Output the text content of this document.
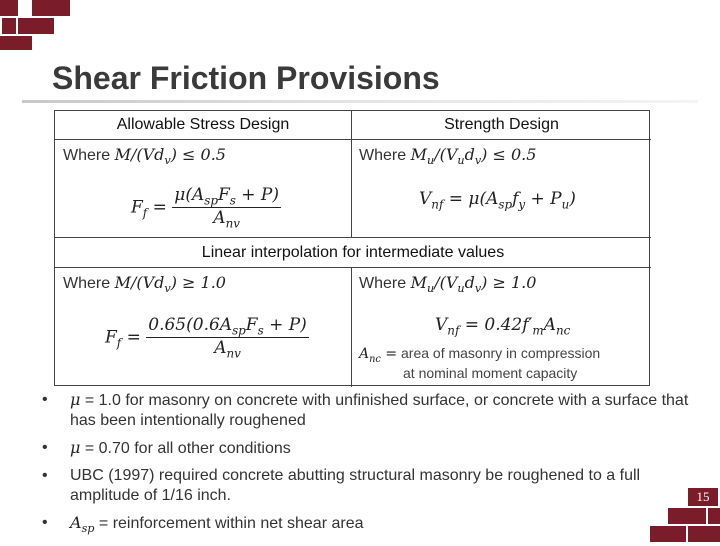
Shear Friction Provisions
Allowable Stress Design	Strength Design
Where $M/(Vd_v) \le 0.5$
$F_f = \frac{\mu(A_{sp}F_s + P)}{A_{nv}}$
Where $M_u/(V_ud_v) \le 0.5$
$V_{nf} = \mu(A_{sp}f_y + P_u)$
Linear interpolation for intermediate values
Where $M/(Vd_v) \ge 1.0$
$F_f = \frac{0.65(0.6A_{sp}F_s + P)}{A_{nv}}$
Where $M_u/(V_ud_v) \ge 1.0$
$V_{nf} = 0.42f'_mA_{nc}$
$A_{nc}$ = area of masonry in compression
at nominal moment capacity
• μ = 1.0 for masonry on concrete with unfinished surface, or concrete with a surface that has been intentionally roughened
• μ = 0.70 for all other conditions
• UBC (1997) required concrete abutting structural masonry be roughened to a full amplitude of 1/16 inch.
• $A_{sp}$ = reinforcement within net shear area
15
